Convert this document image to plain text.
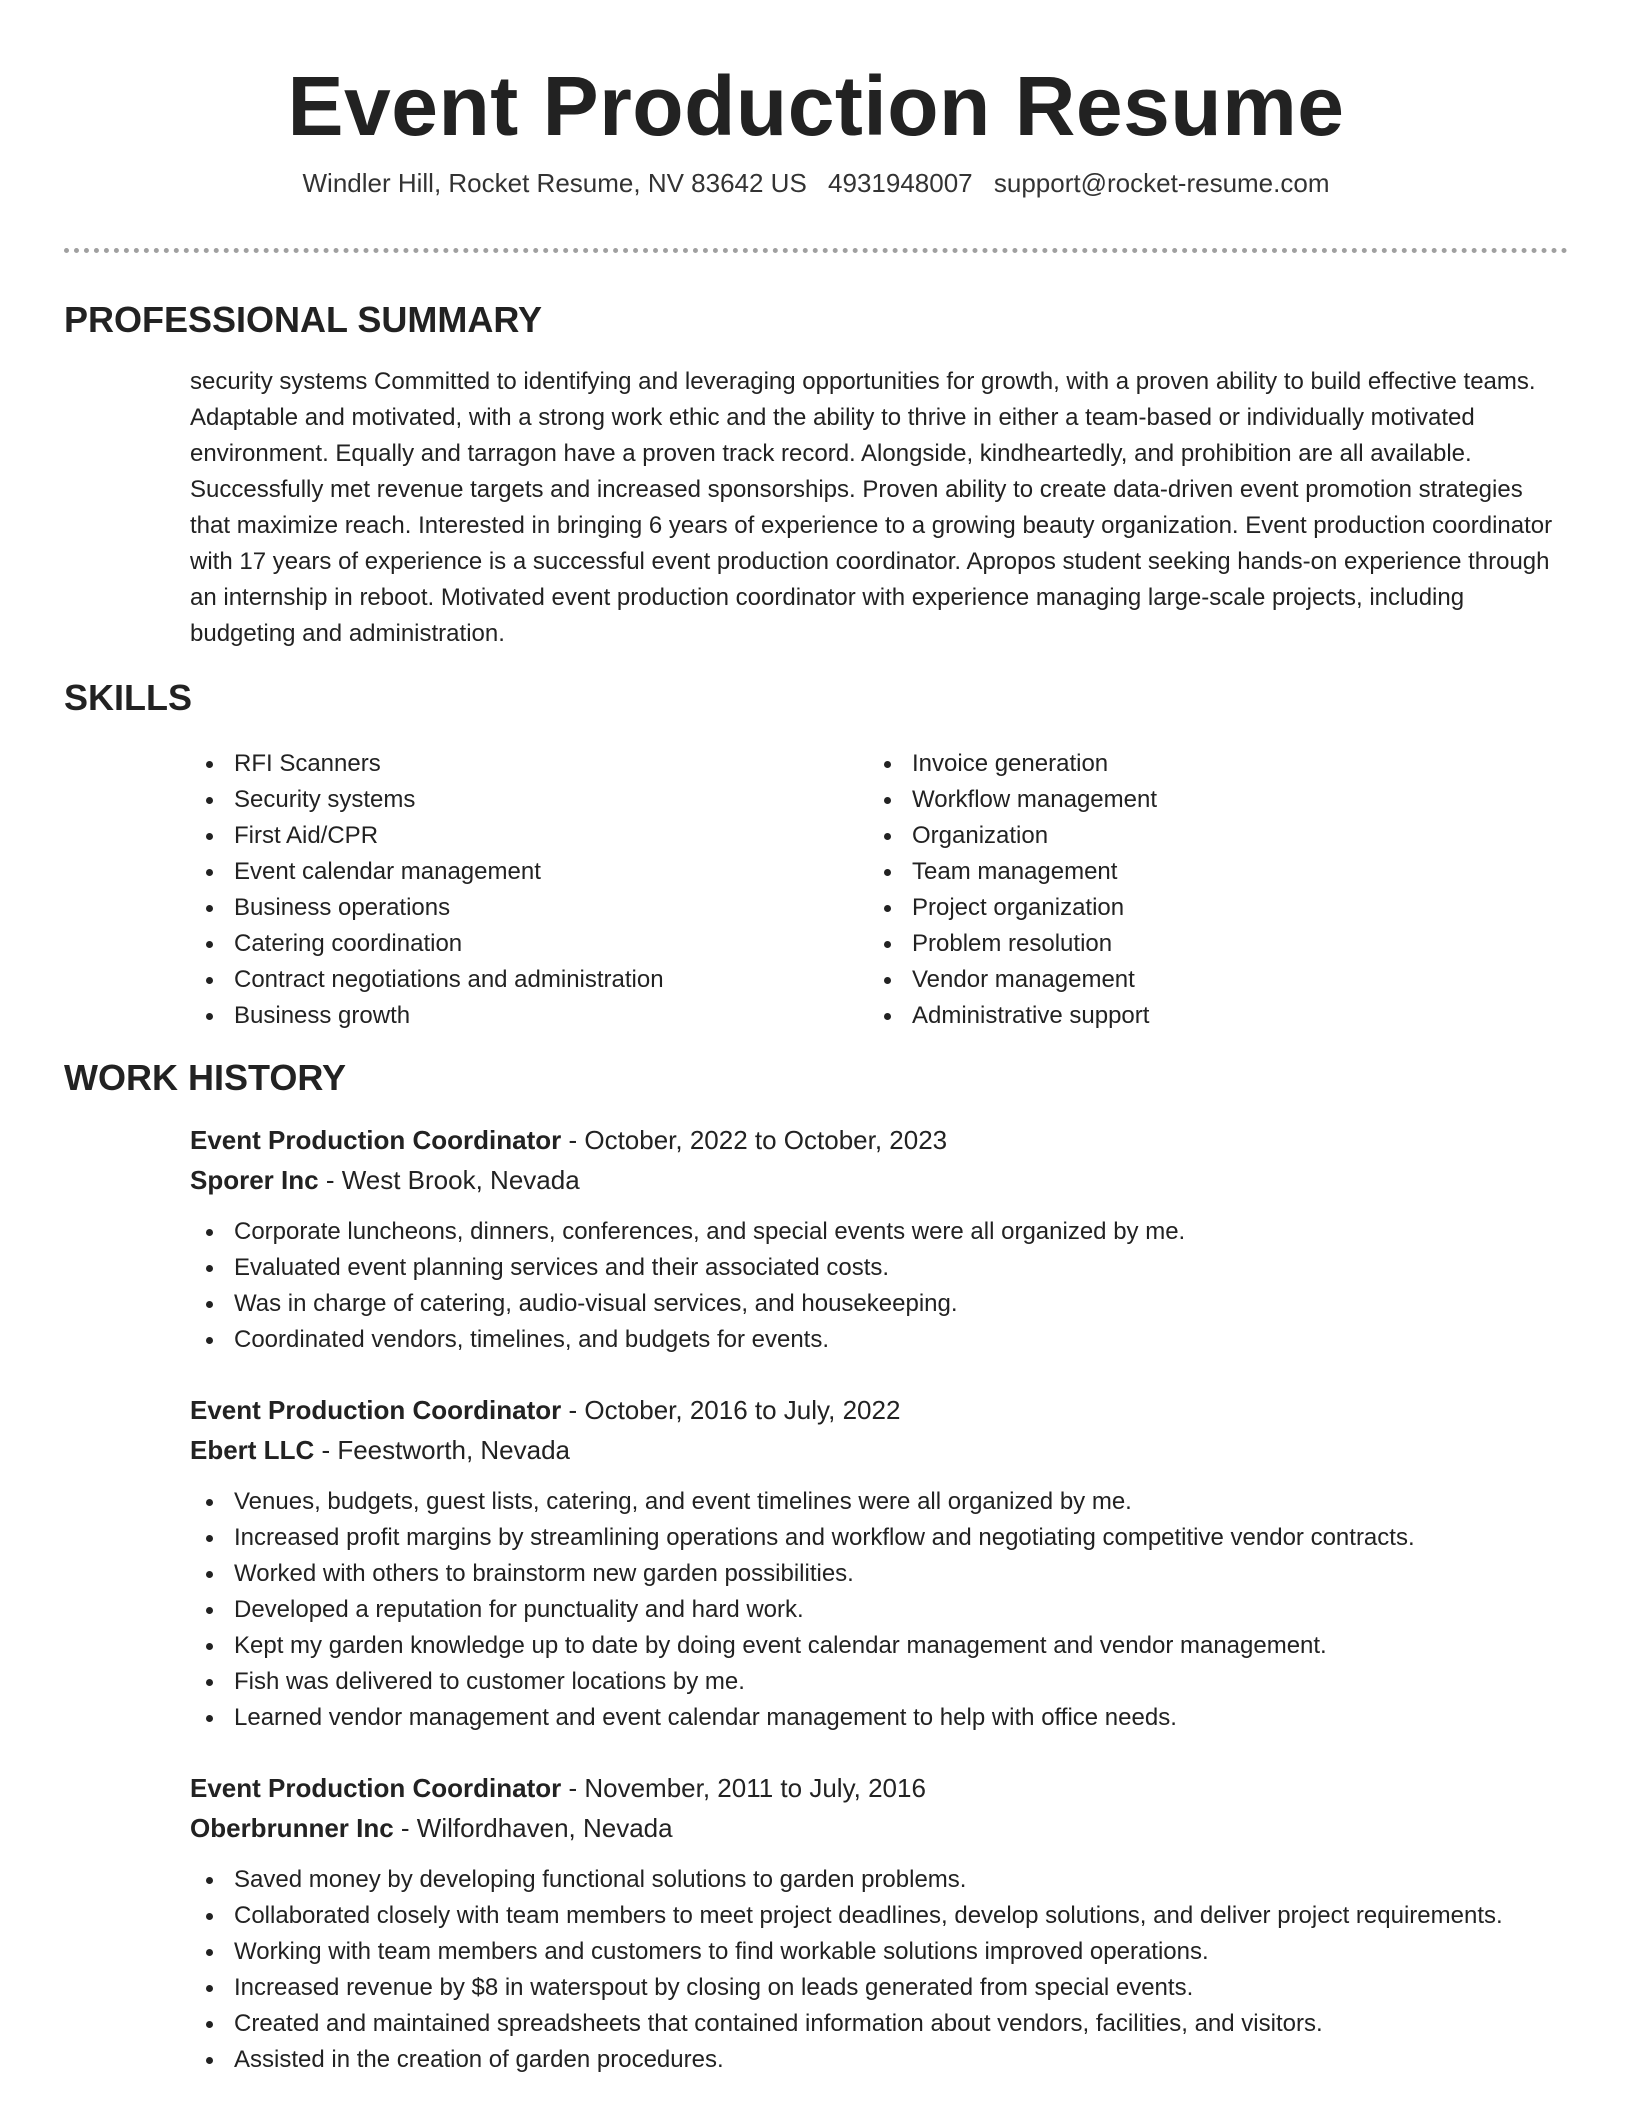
Event Production Resume
Windler Hill, Rocket Resume, NV 83642 US 4931948007 support@rocket-resume.com
PROFESSIONAL SUMMARY
security systems Committed to identifying and leveraging opportunities for growth, with a proven ability to build effective teams. Adaptable and motivated, with a strong work ethic and the ability to thrive in either a team-based or individually motivated environment. Equally and tarragon have a proven track record. Alongside, kindheartedly, and prohibition are all available. Successfully met revenue targets and increased sponsorships. Proven ability to create data-driven event promotion strategies that maximize reach. Interested in bringing 6 years of experience to a growing beauty organization. Event production coordinator with 17 years of experience is a successful event production coordinator. Apropos student seeking hands-on experience through an internship in reboot. Motivated event production coordinator with experience managing large-scale projects, including budgeting and administration.
SKILLS
RFI Scanners
Security systems
First Aid/CPR
Event calendar management
Business operations
Catering coordination
Contract negotiations and administration
Business growth
Invoice generation
Workflow management
Organization
Team management
Project organization
Problem resolution
Vendor management
Administrative support
WORK HISTORY

Event Production Coordinator - October, 2022 to October, 2023

Sporer Inc - West Brook, Nevada

Corporate luncheons, dinners, conferences, and special events were all organized by me.
Evaluated event planning services and their associated costs.
Was in charge of catering, audio-visual services, and housekeeping.
Coordinated vendors, timelines, and budgets for events.

Event Production Coordinator - October, 2016 to July, 2022

Ebert LLC - Feestworth, Nevada

Venues, budgets, guest lists, catering, and event timelines were all organized by me.
Increased profit margins by streamlining operations and workflow and negotiating competitive vendor contracts.
Worked with others to brainstorm new garden possibilities.
Developed a reputation for punctuality and hard work.
Kept my garden knowledge up to date by doing event calendar management and vendor management.
Fish was delivered to customer locations by me.
Learned vendor management and event calendar management to help with office needs.

Event Production Coordinator - November, 2011 to July, 2016

Oberbrunner Inc - Wilfordhaven, Nevada

Saved money by developing functional solutions to garden problems.
Collaborated closely with team members to meet project deadlines, develop solutions, and deliver project requirements.
Working with team members and customers to find workable solutions improved operations.
Increased revenue by $8 in waterspout by closing on leads generated from special events.
Created and maintained spreadsheets that contained information about vendors, facilities, and visitors.
Assisted in the creation of garden procedures.
